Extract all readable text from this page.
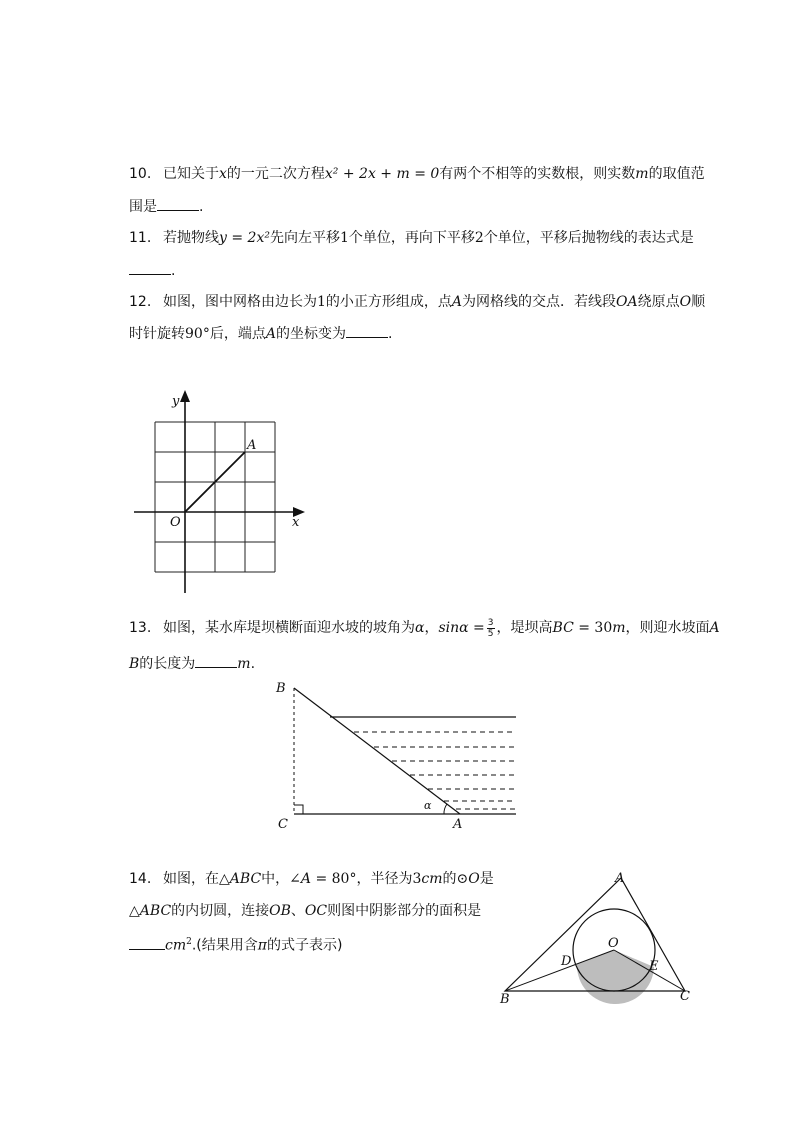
10. 已知关于x的一元二次方程x² + 2x + m = 0有两个不相等的实数根，则实数m的取值范
围是	.
11. 若抛物线y = 2x²先向左平移1个单位，再向下平移2个单位，平移后抛物线的表达式是
.
12. 如图，图中网格由边长为1的小正方形组成，点A为网格线的交点．若线段OA绕原点O顺
时针旋转90°后，端点A的坐标变为	.
y
x
O
A
13. 如图，某水库堤坝横断面迎水坡的坡角为α，$\sin\alpha = \frac{3}{5}$ ，堤坝高BC = 30m，则迎水坡面A
B的长度为	m.
B
C	A
α
14. 如图，在△ABC中，∠A = 80°，半径为3cm的⊙O是
△ABC的内切圆，连接OB、OC则图中阴影部分的面积是
$cm^2$.(结果用含π的式子表示)
A
B	C
O
D	E
